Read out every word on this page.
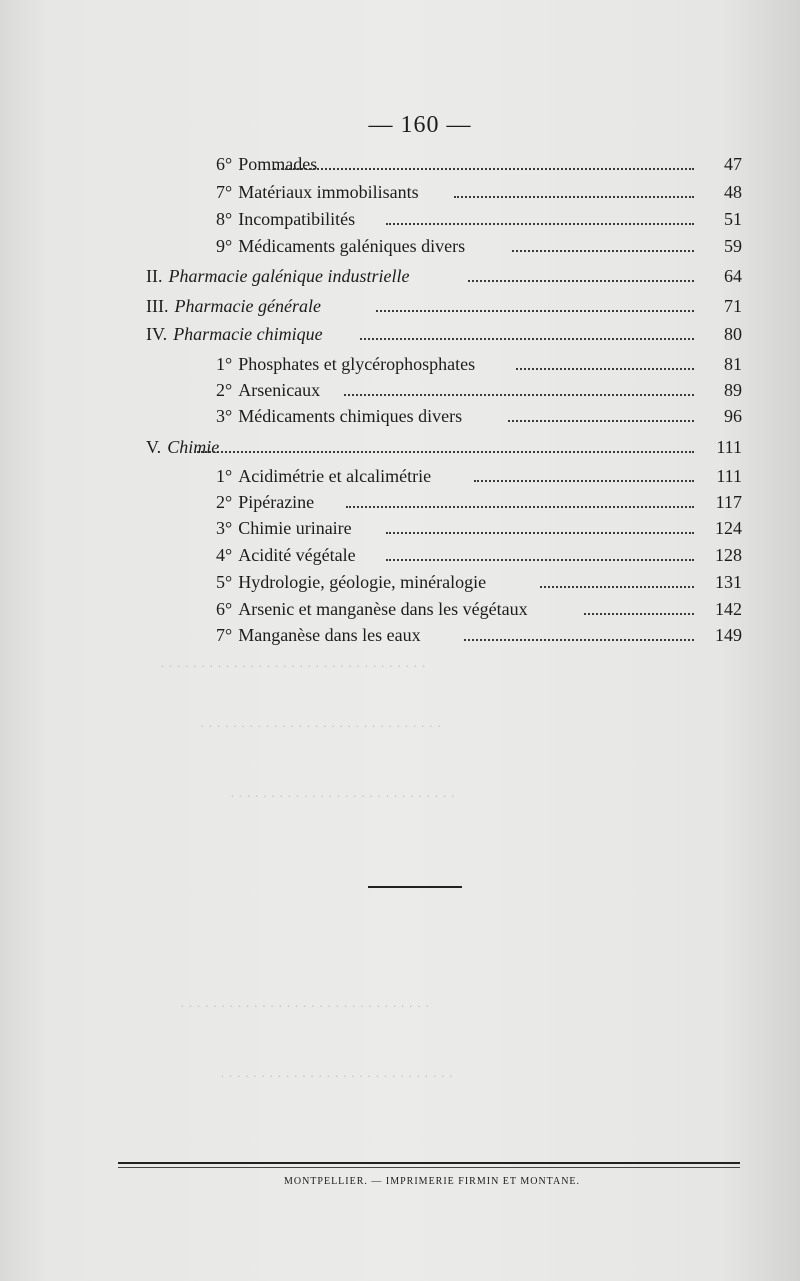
· · · · · · · · · · · · · · · · · · · · · · · · · · · · · · · · ·
· · · · · · · · · · · · · · · · · · · · · · · · · · · · · ·
· · · · · · · · · · · · · · · · · · · · · · · · · · · ·
· · · · · · · · · · · · · · · · · · · · · · · · · · · · · · ·
· · · · · · · · · · · · · · · · · · · · · · · · · · · · ·
— 160 —
6° Pommades	47
7° Matériaux immobilisants	48
8° Incompatibilités	51
9° Médicaments galéniques divers	59
II. Pharmacie galénique industrielle	64
III. Pharmacie générale	71
IV. Pharmacie chimique	80
1° Phosphates et glycérophosphates	81
2° Arsenicaux	89
3° Médicaments chimiques divers	96
V. Chimie	111
1° Acidimétrie et alcalimétrie	111
2° Pipérazine	117
3° Chimie urinaire	124
4° Acidité végétale	128
5° Hydrologie, géologie, minéralogie	131
6° Arsenic et manganèse dans les végétaux	142
7° Manganèse dans les eaux	149
MONTPELLIER. — IMPRIMERIE FIRMIN ET MONTANE.
